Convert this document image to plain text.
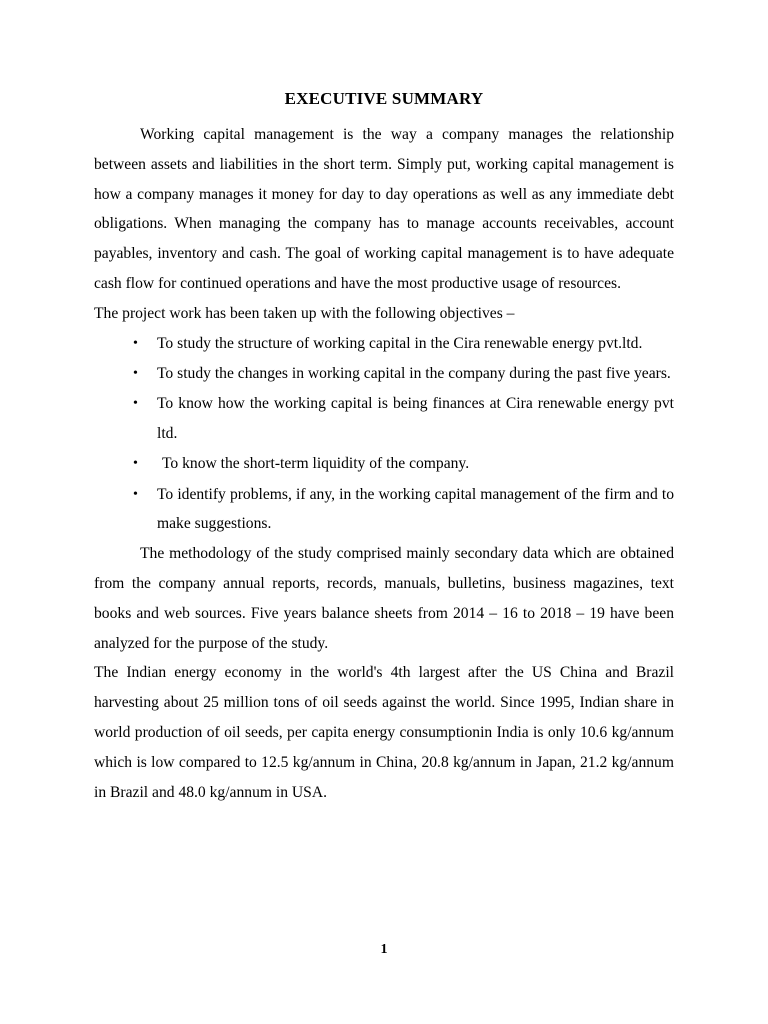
EXECUTIVE SUMMARY

Working capital management is the way a company manages the relationship between assets and liabilities in the short term. Simply put, working capital management is how a company manages it money for day to day operations as well as any immediate debt obligations. When managing the company has to manage accounts receivables, account payables, inventory and cash. The goal of working capital management is to have adequate cash flow for continued operations and have the most productive usage of resources.

The project work has been taken up with the following objectives –

• To study the structure of working capital in the Cira renewable energy pvt.ltd.
• To study the changes in working capital in the company during the past five years.
• To know how the working capital is being finances at Cira renewable energy pvt ltd.
• To know the short-term liquidity of the company.
• To identify problems, if any, in the working capital management of the firm and to make suggestions.

The methodology of the study comprised mainly secondary data which are obtained from the company annual reports, records, manuals, bulletins, business magazines, text books and web sources. Five years balance sheets from 2014 – 16 to 2018 – 19 have been analyzed for the purpose of the study.

The Indian energy economy in the world's 4th largest after the US China and Brazil harvesting about 25 million tons of oil seeds against the world. Since 1995, Indian share in world production of oil seeds, per capita energy consumptionin India is only 10.6 kg/annum which is low compared to 12.5 kg/annum in China, 20.8 kg/annum in Japan, 21.2 kg/annum in Brazil and 48.0 kg/annum in USA.

1
